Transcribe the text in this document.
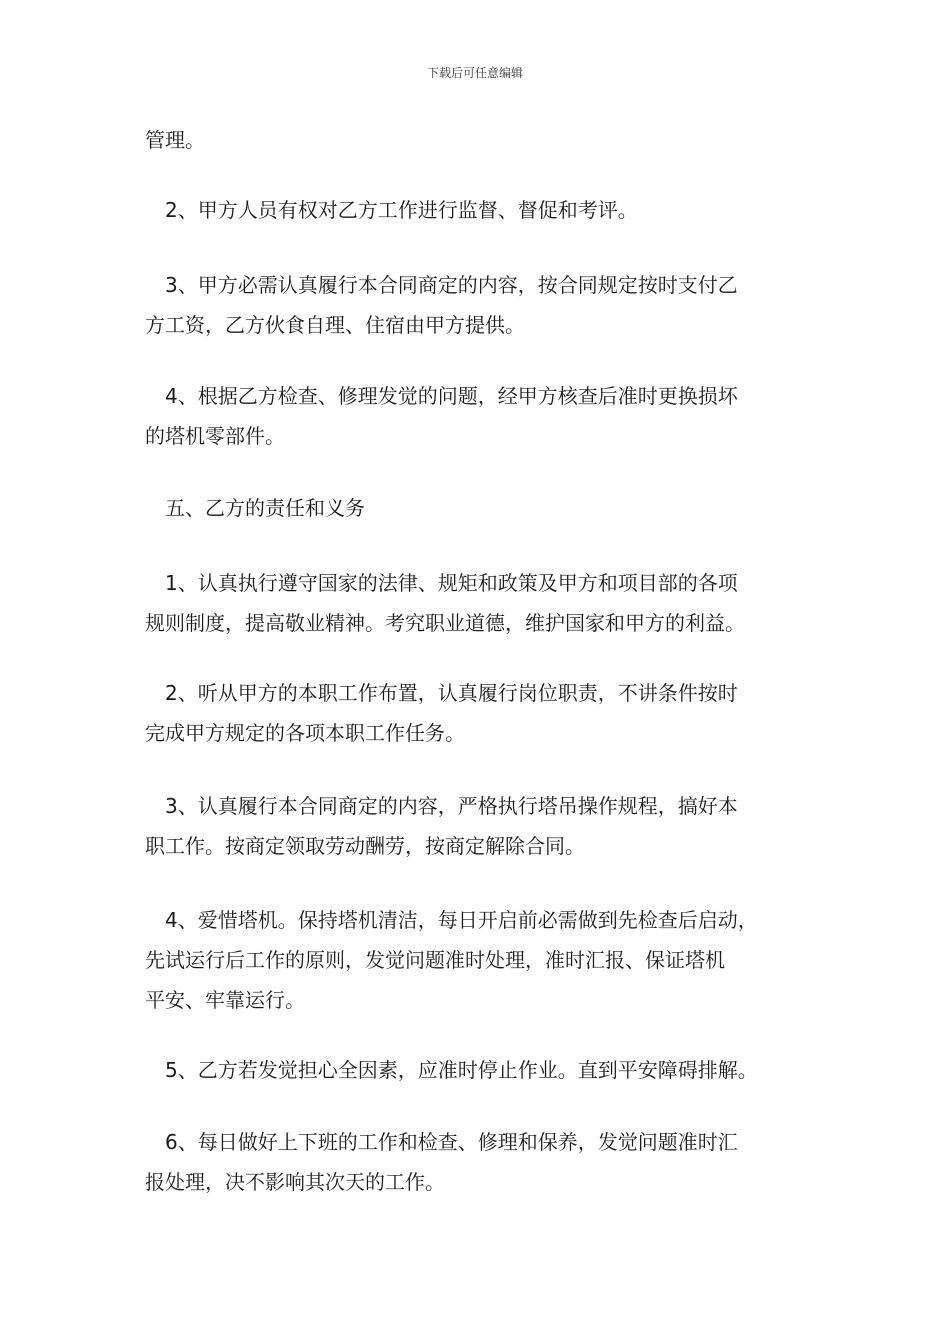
下载后可任意编辑
管理。
2、甲方人员有权对乙方工作进行监督、督促和考评。
3、甲方必需认真履行本合同商定的内容，按合同规定按时支付乙
方工资，乙方伙食自理、住宿由甲方提供。
4、根据乙方检查、修理发觉的问题，经甲方核查后准时更换损坏
的塔机零部件。
五、乙方的责任和义务
1、认真执行遵守国家的法律、规矩和政策及甲方和项目部的各项
规则制度，提高敬业精神。考究职业道德，维护国家和甲方的利益。
2、听从甲方的本职工作布置，认真履行岗位职责，不讲条件按时
完成甲方规定的各项本职工作任务。
3、认真履行本合同商定的内容，严格执行塔吊操作规程，搞好本
职工作。按商定领取劳动酬劳，按商定解除合同。
4、爱惜塔机。保持塔机清洁，每日开启前必需做到先检查后启动，
先试运行后工作的原则，发觉问题准时处理，准时汇报、保证塔机
平安、牢靠运行。
5、乙方若发觉担心全因素，应准时停止作业。直到平安障碍排解。
6、每日做好上下班的工作和检查、修理和保养，发觉问题准时汇
报处理，决不影响其次天的工作。
